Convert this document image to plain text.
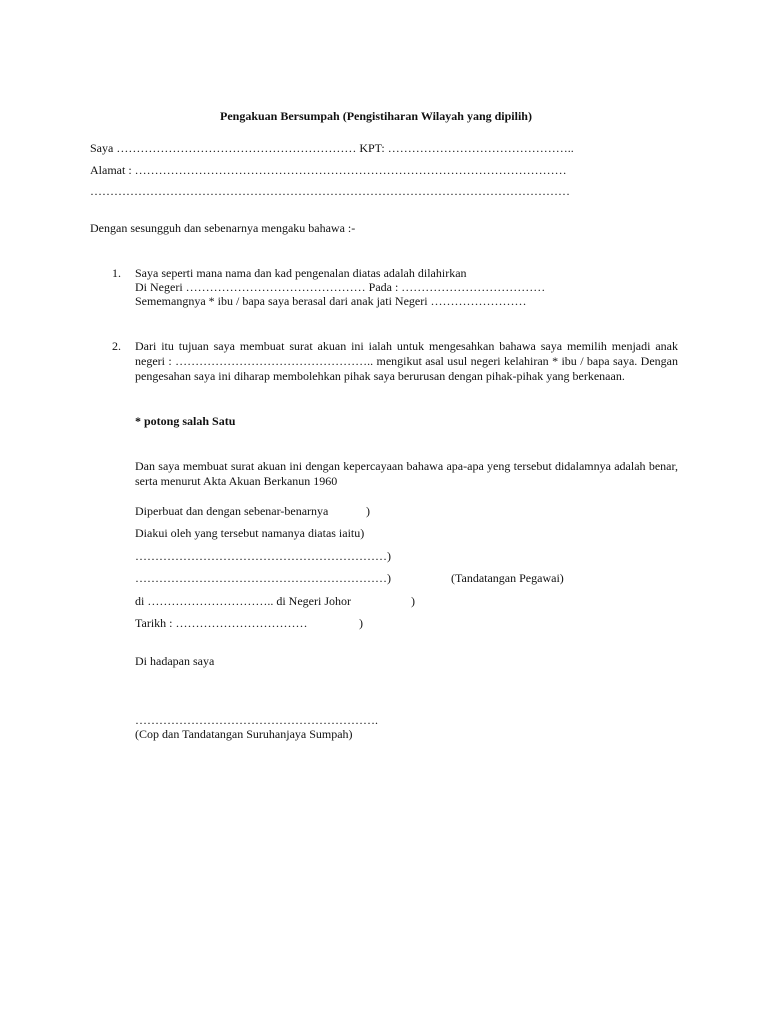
Pengakuan Bersumpah (Pengistiharan Wilayah yang dipilih)
Saya …………………………………………………… KPT: ………………………………………..
Alamat : ………………………………………………………………………………………………
…………………………………………………………………………………………………………
Dengan sesungguh dan sebenarnya mengaku bahawa :-
1. Saya seperti mana nama dan kad pengenalan diatas adalah dilahirkan
Di Negeri ……………………………………… Pada : ………………………………
Sememangnya * ibu / bapa saya berasal dari anak jati Negeri ……………………
2. Dari itu tujuan saya membuat surat akuan ini ialah untuk mengesahkan bahawa saya memilih menjadi anak negeri : ………………………………………….. mengikut asal usul negeri kelahiran * ibu / bapa saya. Dengan pengesahan saya ini diharap membolehkan pihak saya berurusan dengan pihak-pihak yang berkenaan.
* potong salah Satu
Dan saya membuat surat akuan ini dengan kepercayaan bahawa apa-apa yeng tersebut didalamnya adalah benar, serta menurut Akta Akuan Berkanun 1960
Diperbuat dan dengan sebenar-benarnya	)
Diakui oleh yang tersebut namanya diatas iaitu)
………………………………………………………)
………………………………………………………)	(Tandatangan Pegawai)
di ………………………….. di Negeri Johor	)
Tarikh : ……………………………	)
Di hadapan saya
…………………………………………………….
(Cop dan Tandatangan Suruhanjaya Sumpah)
